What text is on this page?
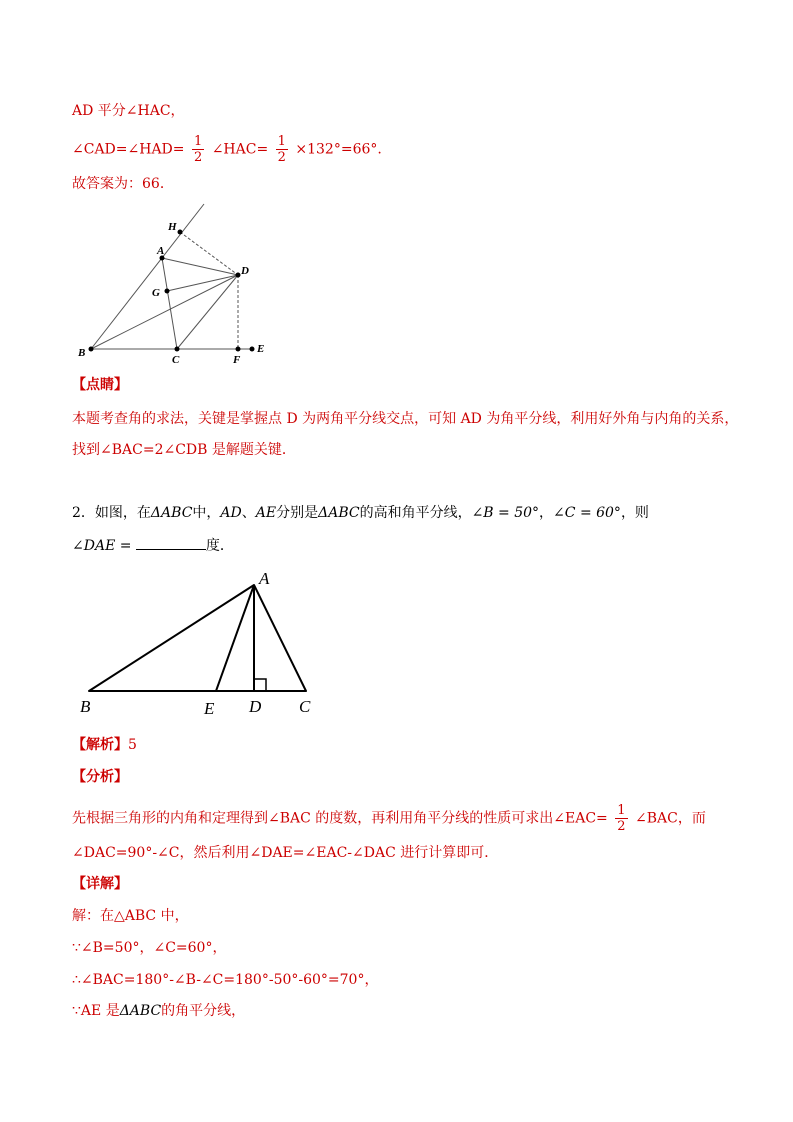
AD 平分∠HAC，
∠CAD=∠HAD= $\frac{1}{2}$ ∠HAC= $\frac{1}{2} \times 132^\circ=66^\circ$.
故答案为：66．
H
A
D
G
B
C	F
E
【点睛】
本题考查角的求法，关键是掌握点 D 为两角平分线交点，可知 AD 为角平分线，利用好外角与内角的关系，
找到∠BAC=2∠CDB 是解题关键．
2．如图，在ΔABC中，AD、AE分别是ΔABC的高和角平分线，∠B = 50°，∠C = 60°，则
∠DAE =	度．
A
B	E D C
【解析】5
【分析】
先根据三角形的内角和定理得到∠BAC 的度数，再利用角平分线的性质可求出∠EAC= $\frac{1}{2}$ ∠BAC，而
∠DAC=90°-∠C，然后利用∠DAE=∠EAC-∠DAC 进行计算即可．
【详解】
解：在△ABC 中，
∵∠B=50°，∠C=60°，
∴∠BAC=180°-∠B-∠C=180°-50°-60°=70°，
∵AE 是ΔABC的角平分线，
